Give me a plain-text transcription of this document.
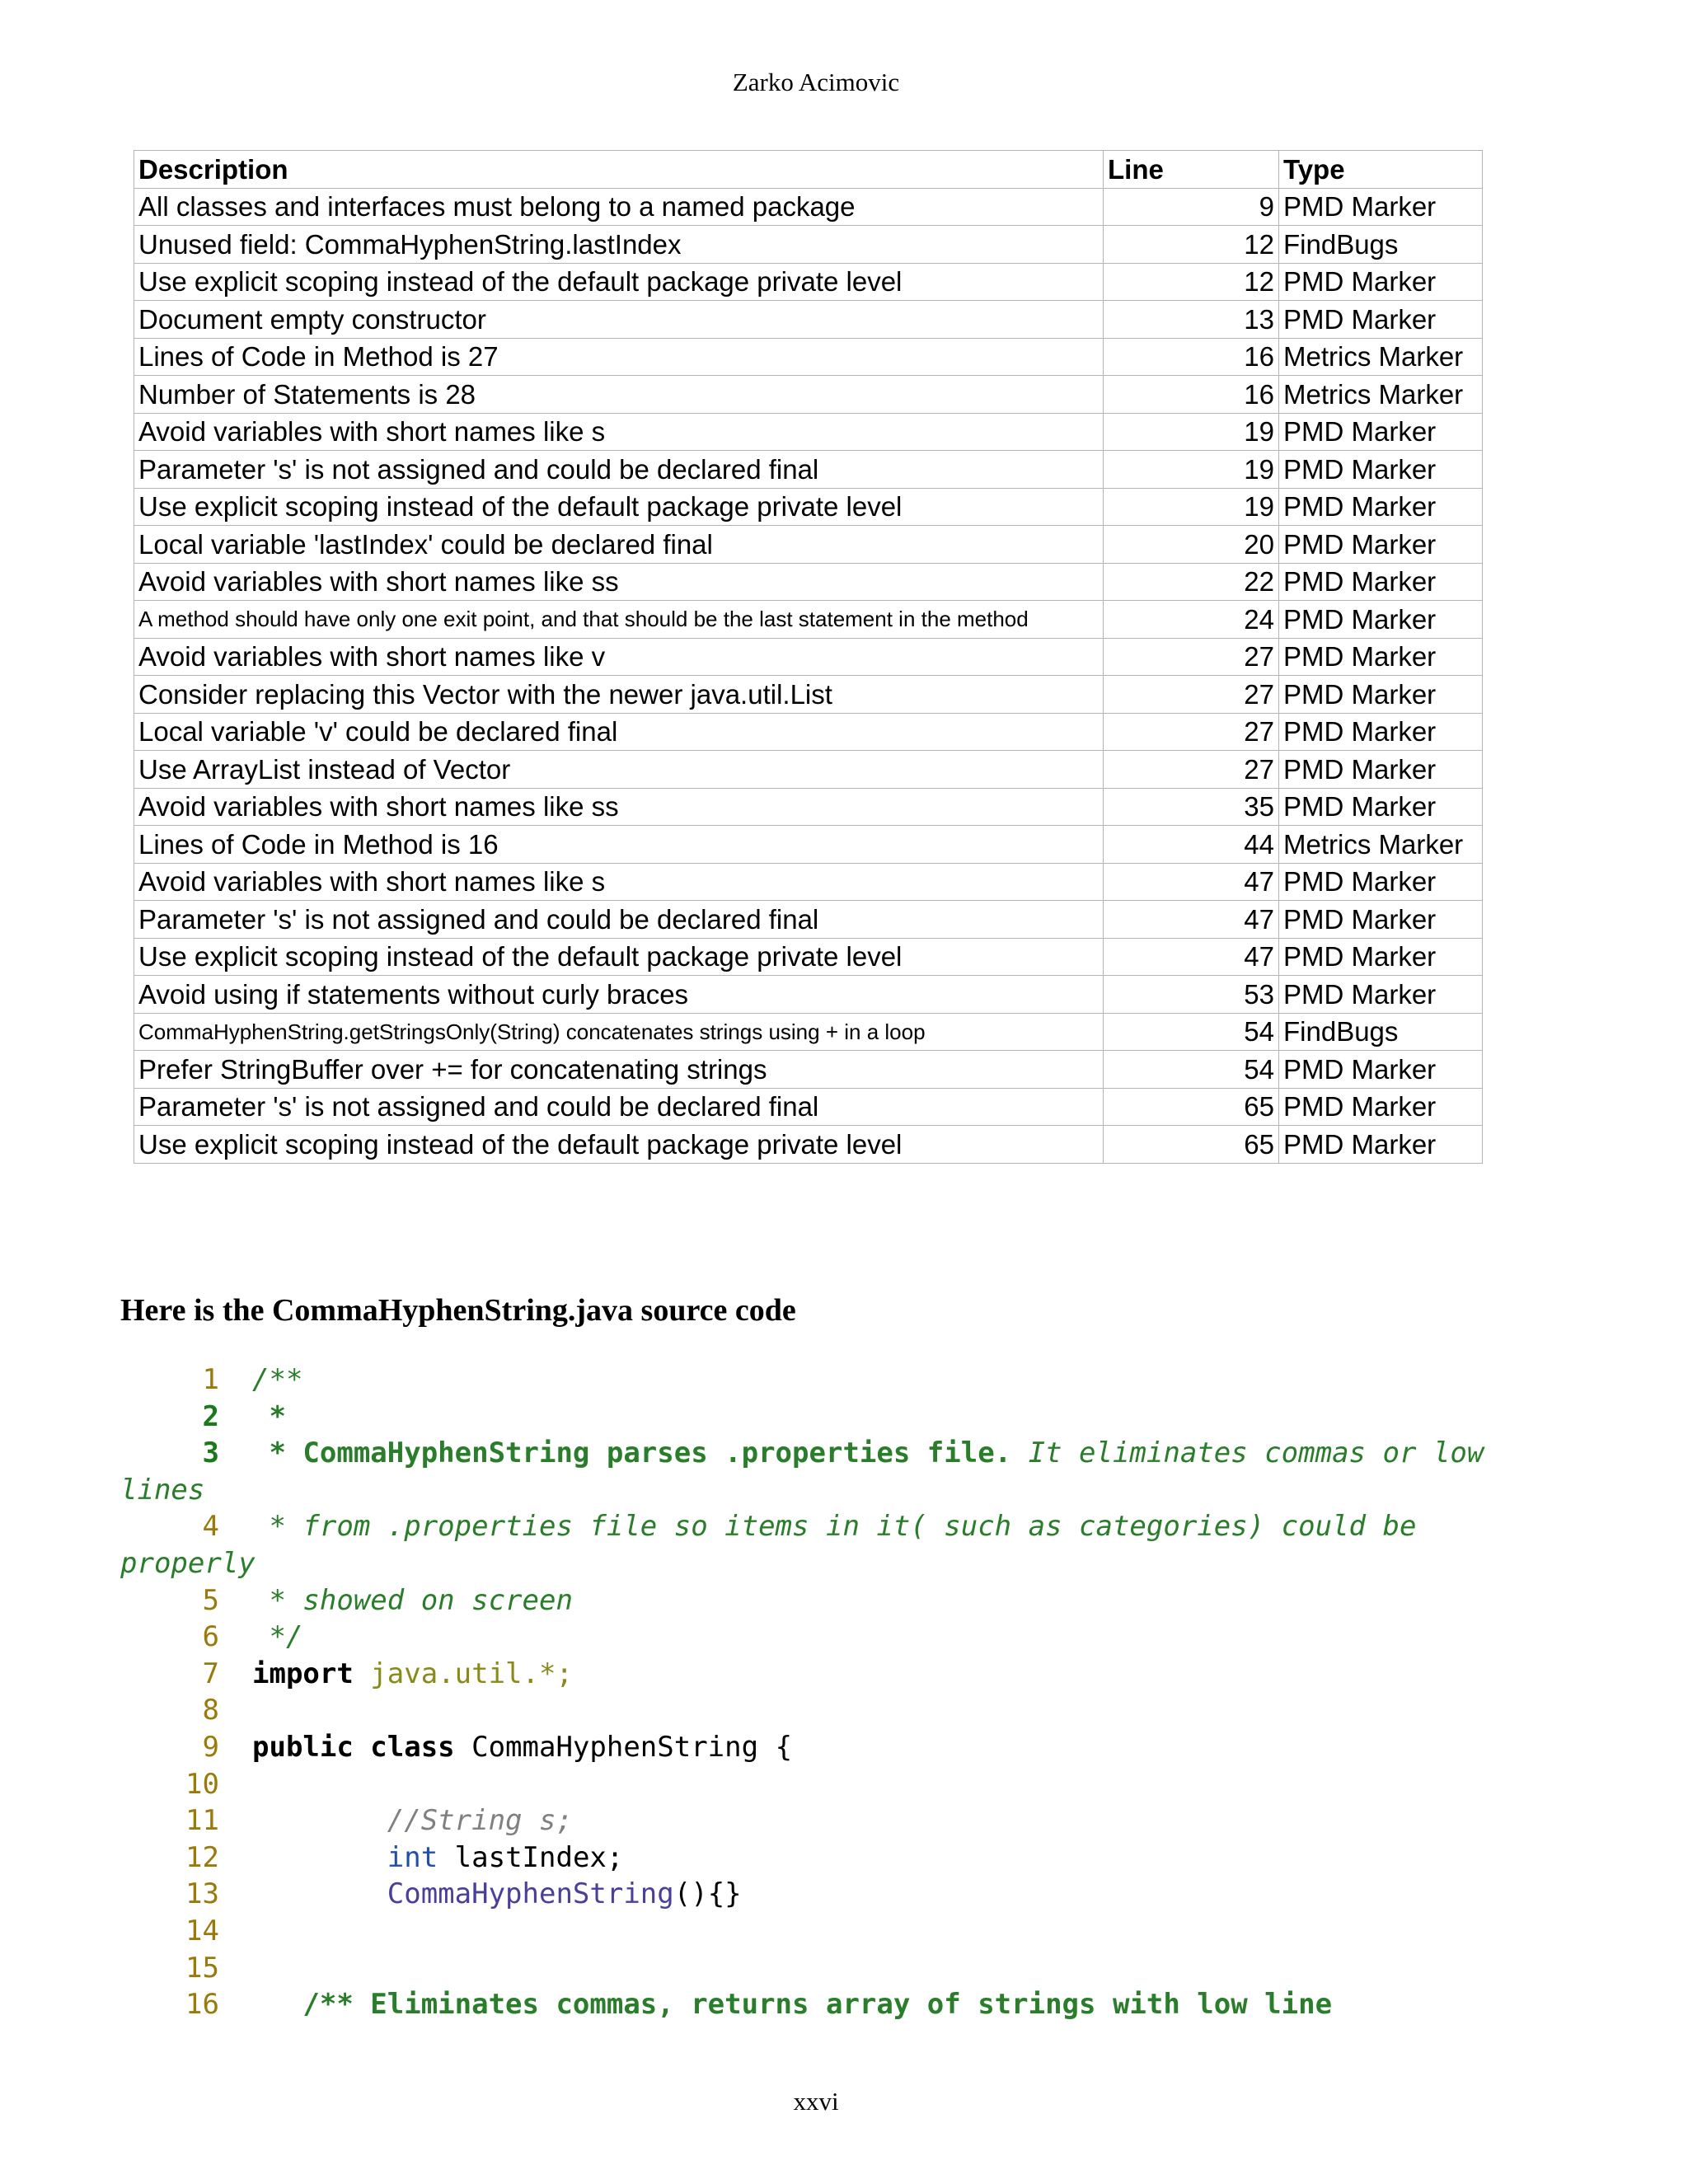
Zarko Acimovic
Description	Line	Type
All classes and interfaces must belong to a named package	9	PMD Marker
Unused field: CommaHyphenString.lastIndex	12	FindBugs
Use explicit scoping instead of the default package private level	12	PMD Marker
Document empty constructor	13	PMD Marker
Lines of Code in Method is 27	16	Metrics Marker
Number of Statements is 28	16	Metrics Marker
Avoid variables with short names like s	19	PMD Marker
Parameter 's' is not assigned and could be declared final	19	PMD Marker
Use explicit scoping instead of the default package private level	19	PMD Marker
Local variable 'lastIndex' could be declared final	20	PMD Marker
Avoid variables with short names like ss	22	PMD Marker
A method should have only one exit point, and that should be the last statement in the method	24	PMD Marker
Avoid variables with short names like v	27	PMD Marker
Consider replacing this Vector with the newer java.util.List	27	PMD Marker
Local variable 'v' could be declared final	27	PMD Marker
Use ArrayList instead of Vector	27	PMD Marker
Avoid variables with short names like ss	35	PMD Marker
Lines of Code in Method is 16	44	Metrics Marker
Avoid variables with short names like s	47	PMD Marker
Parameter 's' is not assigned and could be declared final	47	PMD Marker
Use explicit scoping instead of the default package private level	47	PMD Marker
Avoid using if statements without curly braces	53	PMD Marker
CommaHyphenString.getStringsOnly(String) concatenates strings using + in a loop	54	FindBugs
Prefer StringBuffer over += for concatenating strings	54	PMD Marker
Parameter 's' is not assigned and could be declared final	65	PMD Marker
Use explicit scoping instead of the default package private level	65	PMD Marker
Here is the CommaHyphenString.java source code
1 /**
2 *
3 * CommaHyphenString parses .properties file. It eliminates commas or low
lines
4 * from .properties file so items in it( such as categories) could be
properly
5 * showed on screen
6 */
7 import java.util.*;
8
9 public class CommaHyphenString {
10
11	//String s;
12	int lastIndex;
13	CommaHyphenString(){}
14
15
16   /** Eliminates commas, returns array of strings with low line
xxvi
